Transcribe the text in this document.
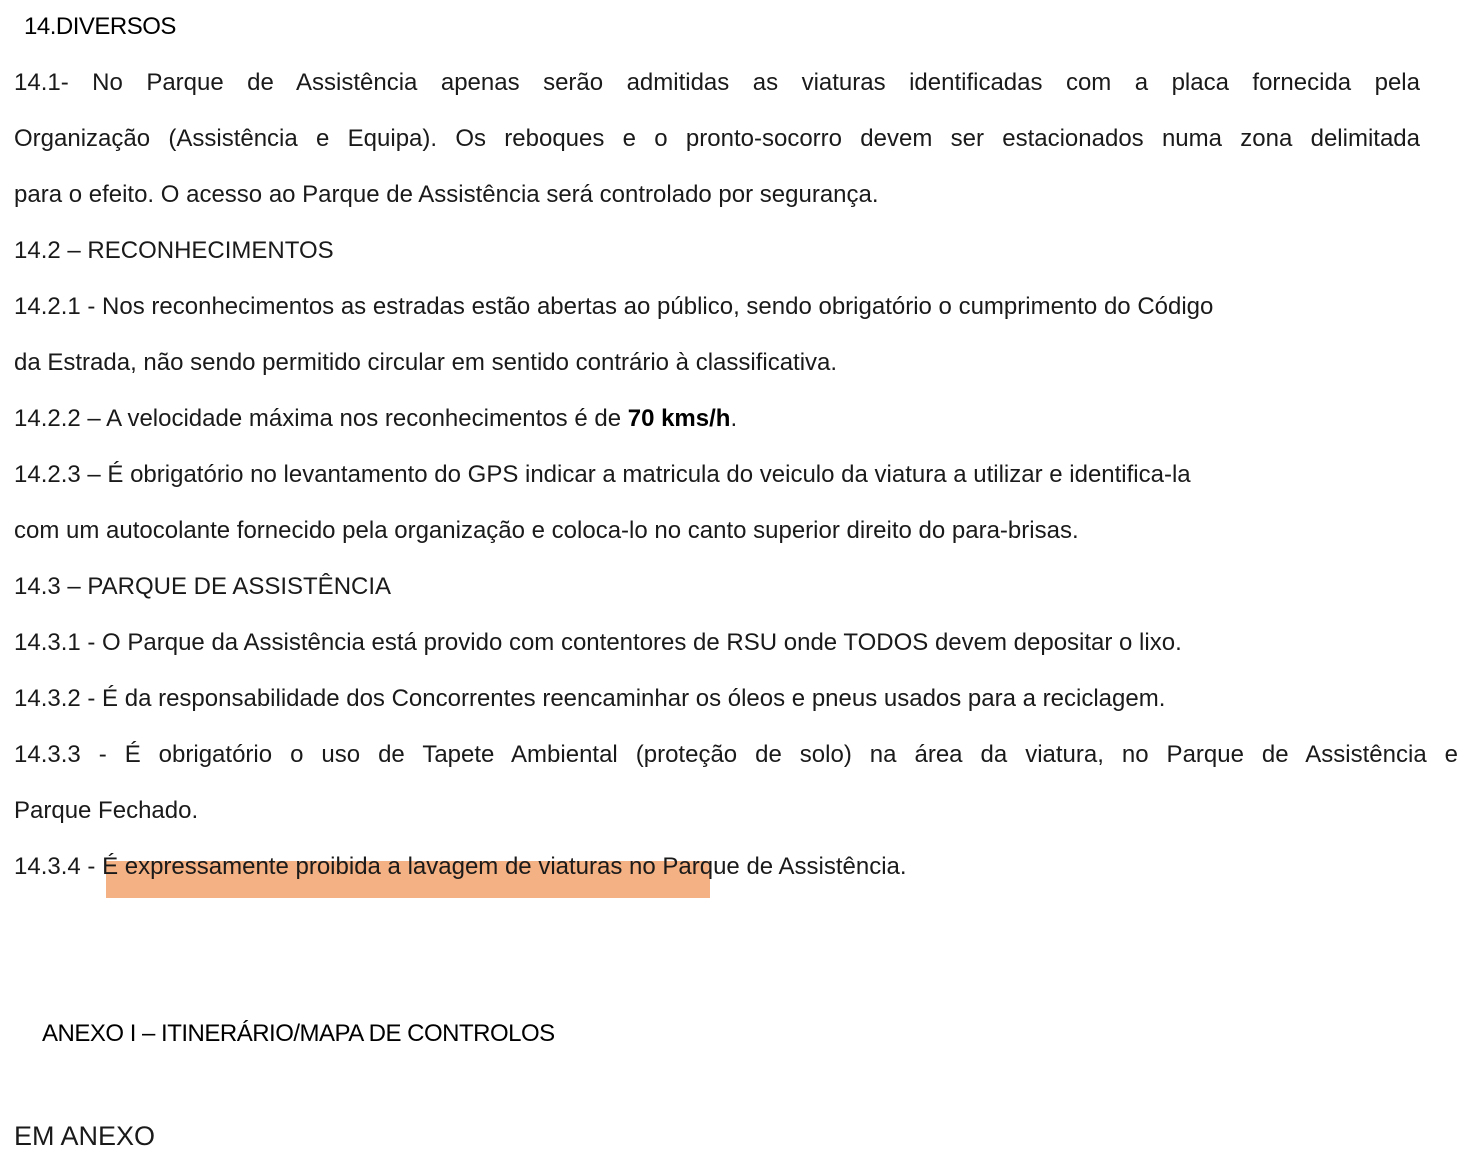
14.DIVERSOS
14.1- No Parque de Assistência apenas serão admitidas as viaturas identificadas com a placa fornecida pela
Organização (Assistência e Equipa). Os reboques e o pronto-socorro devem ser estacionados numa zona delimitada
para o efeito. O acesso ao Parque de Assistência será controlado por segurança.
14.2 – RECONHECIMENTOS
14.2.1 - Nos reconhecimentos as estradas estão abertas ao público, sendo obrigatório o cumprimento do Código
da Estrada, não sendo permitido circular em sentido contrário à classificativa.
14.2.2 – A velocidade máxima nos reconhecimentos é de 70 kms/h.
14.2.3 – É obrigatório no levantamento do GPS indicar a matricula do veiculo da viatura a utilizar e identifica-la
com um autocolante fornecido pela organização e coloca-lo no canto superior direito do para-brisas.
14.3 – PARQUE DE ASSISTÊNCIA
14.3.1 - O Parque da Assistência está provido com contentores de RSU onde TODOS devem depositar o lixo.
14.3.2 - É da responsabilidade dos Concorrentes reencaminhar os óleos e pneus usados para a reciclagem.
14.3.3 - É obrigatório o uso de Tapete Ambiental (proteção de solo) na área da viatura, no Parque de Assistência e
Parque Fechado.
14.3.4 - É expressamente proibida a lavagem de viaturas no Parque de Assistência.
ANEXO I – ITINERÁRIO/MAPA DE CONTROLOS
EM ANEXO
